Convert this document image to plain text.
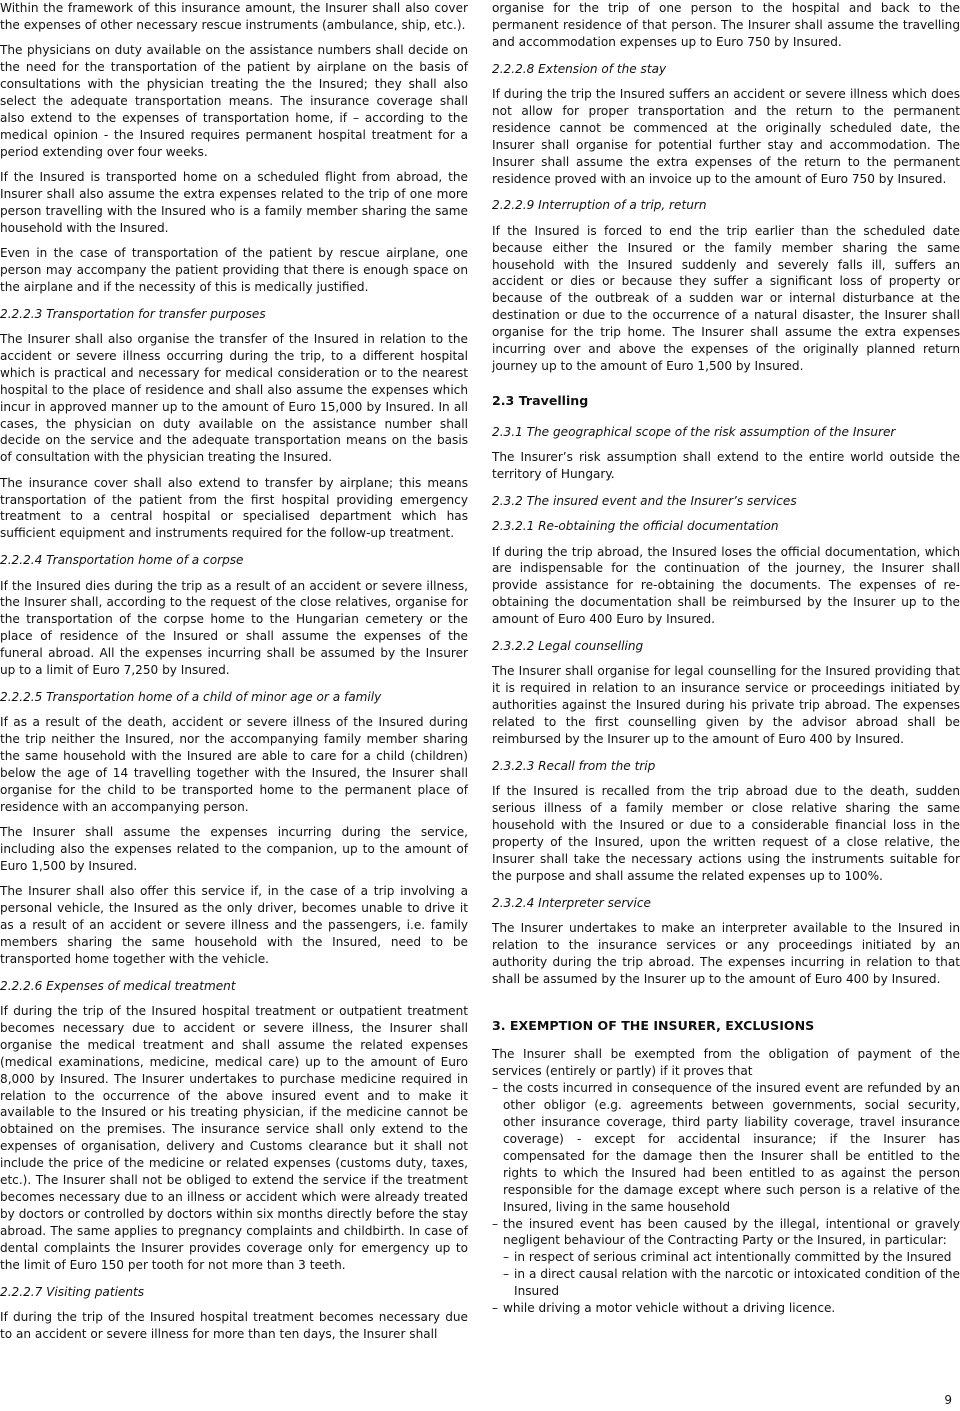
Within the framework of this insurance amount, the Insurer shall also cover the expenses of other necessary rescue instruments (ambulance, ship, etc.).

The physicians on duty available on the assistance numbers shall decide on the need for the transportation of the patient by airplane on the basis of consultations with the physician treating the the Insured; they shall also select the adequate transportation means. The insurance coverage shall also extend to the expenses of transportation home, if – according to the medical opinion - the Insured requires permanent hospital treatment for a period extending over four weeks.

If the Insured is transported home on a scheduled flight from abroad, the Insurer shall also assume the extra expenses related to the trip of one more person travelling with the Insured who is a family member sharing the same household with the Insured.

Even in the case of transportation of the patient by rescue airplane, one person may accompany the patient providing that there is enough space on the airplane and if the necessity of this is medically justified.

2.2.2.3 Transportation for transfer purposes

The Insurer shall also organise the transfer of the Insured in relation to the accident or severe illness occurring during the trip, to a different hospital which is practical and necessary for medical consideration or to the nearest hospital to the place of residence and shall also assume the expenses which incur in approved manner up to the amount of Euro 15,000 by Insured. In all cases, the physician on duty available on the assistance number shall decide on the service and the adequate transportation means on the basis of consultation with the physician treating the Insured.

The insurance cover shall also extend to transfer by airplane; this means transportation of the patient from the first hospital providing emergency treatment to a central hospital or specialised department which has sufficient equipment and instruments required for the follow-up treatment.

2.2.2.4 Transportation home of a corpse

If the Insured dies during the trip as a result of an accident or severe illness, the Insurer shall, according to the request of the close relatives, organise for the transportation of the corpse home to the Hungarian cemetery or the place of residence of the Insured or shall assume the expenses of the funeral abroad. All the expenses incurring shall be assumed by the Insurer up to a limit of Euro 7,250 by Insured.

2.2.2.5 Transportation home of a child of minor age or a family

If as a result of the death, accident or severe illness of the Insured during the trip neither the Insured, nor the accompanying family member sharing the same household with the Insured are able to care for a child (children) below the age of 14 travelling together with the Insured, the Insurer shall organise for the child to be transported home to the permanent place of residence with an accompanying person.

The Insurer shall assume the expenses incurring during the service, including also the expenses related to the companion, up to the amount of Euro 1,500 by Insured.

The Insurer shall also offer this service if, in the case of a trip involving a personal vehicle, the Insured as the only driver, becomes unable to drive it as a result of an accident or severe illness and the passengers, i.e. family members sharing the same household with the Insured, need to be transported home together with the vehicle.

2.2.2.6 Expenses of medical treatment

If during the trip of the Insured hospital treatment or outpatient treatment becomes necessary due to accident or severe illness, the Insurer shall organise the medical treatment and shall assume the related expenses (medical examinations, medicine, medical care) up to the amount of Euro 8,000 by Insured. The Insurer undertakes to purchase medicine required in relation to the occurrence of the above insured event and to make it available to the Insured or his treating physician, if the medicine cannot be obtained on the premises. The insurance service shall only extend to the expenses of organisation, delivery and Customs clearance but it shall not include the price of the medicine or related expenses (customs duty, taxes, etc.). The Insurer shall not be obliged to extend the service if the treatment becomes necessary due to an illness or accident which were already treated by doctors or controlled by doctors within six months directly before the stay abroad. The same applies to pregnancy complaints and childbirth. In case of dental complaints the Insurer provides coverage only for emergency up to the limit of Euro 150 per tooth for not more than 3 teeth.

2.2.2.7 Visiting patients

If during the trip of the Insured hospital treatment becomes necessary due to an accident or severe illness for more than ten days, the Insurer shall

organise for the trip of one person to the hospital and back to the permanent residence of that person. The Insurer shall assume the travelling and accommodation expenses up to Euro 750 by Insured.

2.2.2.8 Extension of the stay

If during the trip the Insured suffers an accident or severe illness which does not allow for proper transportation and the return to the permanent residence cannot be commenced at the originally scheduled date, the Insurer shall organise for potential further stay and accommodation. The Insurer shall assume the extra expenses of the return to the permanent residence proved with an invoice up to the amount of Euro 750 by Insured.

2.2.2.9 Interruption of a trip, return

If the Insured is forced to end the trip earlier than the scheduled date because either the Insured or the family member sharing the same household with the Insured suddenly and severely falls ill, suffers an accident or dies or because they suffer a significant loss of property or because of the outbreak of a sudden war or internal disturbance at the destination or due to the occurrence of a natural disaster, the Insurer shall organise for the trip home. The Insurer shall assume the extra expenses incurring over and above the expenses of the originally planned return journey up to the amount of Euro 1,500 by Insured.

2.3 Travelling

2.3.1 The geographical scope of the risk assumption of the Insurer

The Insurer’s risk assumption shall extend to the entire world outside the territory of Hungary.

2.3.2 The insured event and the Insurer’s services

2.3.2.1 Re-obtaining the official documentation

If during the trip abroad, the Insured loses the official documentation, which are indispensable for the continuation of the journey, the Insurer shall provide assistance for re-obtaining the documents. The expenses of re-obtaining the documentation shall be reimbursed by the Insurer up to the amount of Euro 400 Euro by Insured.

2.3.2.2 Legal counselling

The Insurer shall organise for legal counselling for the Insured providing that it is required in relation to an insurance service or proceedings initiated by authorities against the Insured during his private trip abroad. The expenses related to the first counselling given by the advisor abroad shall be reimbursed by the Insurer up to the amount of Euro 400 by Insured.

2.3.2.3 Recall from the trip

If the Insured is recalled from the trip abroad due to the death, sudden serious illness of a family member or close relative sharing the same household with the Insured or due to a considerable financial loss in the property of the Insured, upon the written request of a close relative, the Insurer shall take the necessary actions using the instruments suitable for the purpose and shall assume the related expenses up to 100%.

2.3.2.4 Interpreter service

The Insurer undertakes to make an interpreter available to the Insured in relation to the insurance services or any proceedings initiated by an authority during the trip abroad. The expenses incurring in relation to that shall be assumed by the Insurer up to the amount of Euro 400 by Insured.

3. EXEMPTION OF THE INSURER, EXCLUSIONS

The Insurer shall be exempted from the obligation of payment of the services (entirely or partly) if it proves that

– the costs incurred in consequence of the insured event are refunded by an other obligor (e.g. agreements between governments, social security, other insurance coverage, third party liability coverage, travel insurance coverage) - except for accidental insurance; if the Insurer has compensated for the damage then the Insurer shall be entitled to the rights to which the Insured had been entitled to as against the person responsible for the damage except where such person is a relative of the Insured, living in the same household
– the insured event has been caused by the illegal, intentional or gravely negligent behaviour of the Contracting Party or the Insured, in particular:
– in respect of serious criminal act intentionally committed by the Insured
– in a direct causal relation with the narcotic or intoxicated condition of the Insured
– while driving a motor vehicle without a driving licence.
9
